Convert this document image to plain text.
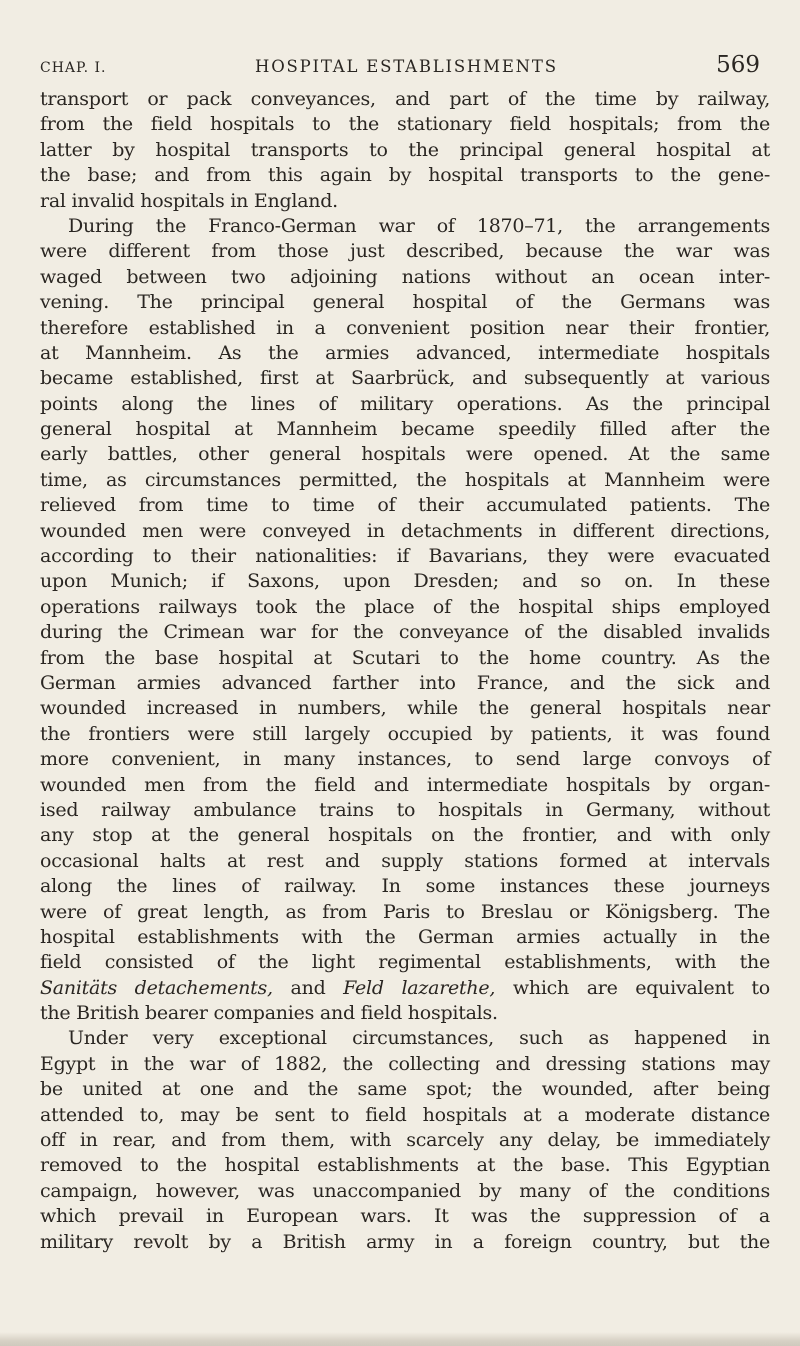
CHAP. I.	HOSPITAL ESTABLISHMENTS	569
transport or pack conveyances, and part of the time by railway,
from the field hospitals to the stationary field hospitals; from the
latter by hospital transports to the principal general hospital at
the base; and from this again by hospital transports to the gene-
ral invalid hospitals in England.
During the Franco-German war of 1870–71, the arrangements
were different from those just described, because the war was
waged between two adjoining nations without an ocean inter-
vening. The principal general hospital of the Germans was
therefore established in a convenient position near their frontier,
at Mannheim. As the armies advanced, intermediate hospitals
became established, first at Saarbrück, and subsequently at various
points along the lines of military operations. As the principal
general hospital at Mannheim became speedily filled after the
early battles, other general hospitals were opened. At the same
time, as circumstances permitted, the hospitals at Mannheim were
relieved from time to time of their accumulated patients. The
wounded men were conveyed in detachments in different directions,
according to their nationalities: if Bavarians, they were evacuated
upon Munich; if Saxons, upon Dresden; and so on. In these
operations railways took the place of the hospital ships employed
during the Crimean war for the conveyance of the disabled invalids
from the base hospital at Scutari to the home country. As the
German armies advanced farther into France, and the sick and
wounded increased in numbers, while the general hospitals near
the frontiers were still largely occupied by patients, it was found
more convenient, in many instances, to send large convoys of
wounded men from the field and intermediate hospitals by organ-
ised railway ambulance trains to hospitals in Germany, without
any stop at the general hospitals on the frontier, and with only
occasional halts at rest and supply stations formed at intervals
along the lines of railway. In some instances these journeys
were of great length, as from Paris to Breslau or Königsberg. The
hospital establishments with the German armies actually in the
field consisted of the light regimental establishments, with the
Sanitäts detachements, and Feld lazarethe, which are equivalent to
the British bearer companies and field hospitals.
Under very exceptional circumstances, such as happened in
Egypt in the war of 1882, the collecting and dressing stations may
be united at one and the same spot; the wounded, after being
attended to, may be sent to field hospitals at a moderate distance
off in rear, and from them, with scarcely any delay, be immediately
removed to the hospital establishments at the base. This Egyptian
campaign, however, was unaccompanied by many of the conditions
which prevail in European wars. It was the suppression of a
military revolt by a British army in a foreign country, but the
